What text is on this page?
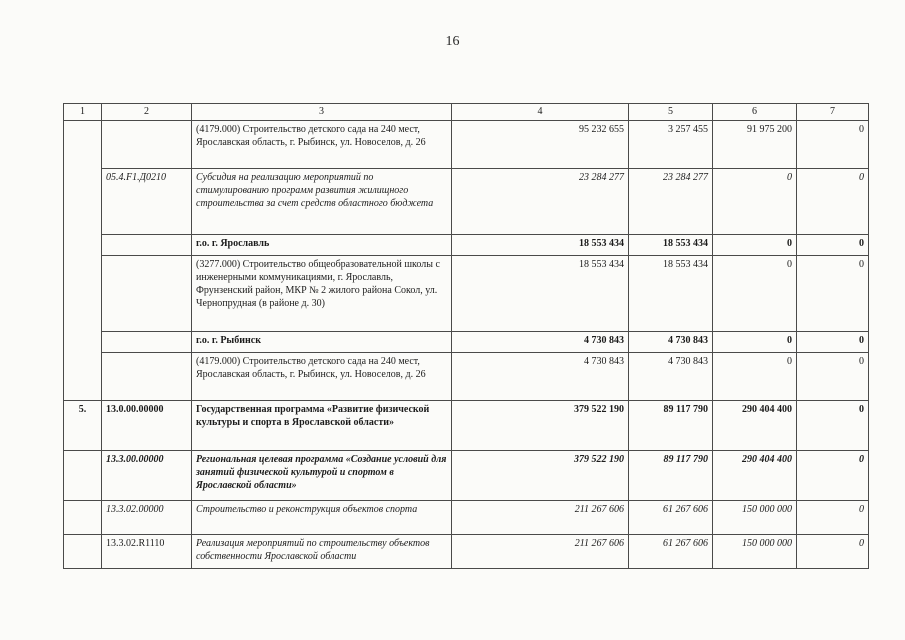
16
1	2	3	4	5	6	7
		(4179.000) Строительство детского сада на 240 мест, Ярославская область, г. Рыбинск, ул. Новоселов, д. 26	95 232 655	3 257 455	91 975 200	0
	05.4.F1.Д0210	Субсидия на реализацию мероприятий по стимулированию программ развития жилищного строительства за счет средств областного бюджета	23 284 277	23 284 277	0	0
		г.о. г. Ярославль	18 553 434	18 553 434	0	0
		(3277.000) Строительство общеобразовательной школы с инженерными коммуникациями, г. Ярославль, Фрунзенский район, МКР № 2 жилого района Сокол, ул. Чернопрудная (в районе д. 30)	18 553 434	18 553 434	0	0
		г.о. г. Рыбинск	4 730 843	4 730 843	0	0
		(4179.000) Строительство детского сада на 240 мест, Ярославская область, г. Рыбинск, ул. Новоселов, д. 26	4 730 843	4 730 843	0	0
5.	13.0.00.00000	Государственная программа «Развитие физической культуры и спорта в Ярославской области»	379 522 190	89 117 790	290 404 400	0
	13.3.00.00000	Региональная целевая программа «Создание условий для занятий физической культурой и спортом в Ярославской области»	379 522 190	89 117 790	290 404 400	0
	13.3.02.00000	Строительство и реконструкция объектов спорта	211 267 606	61 267 606	150 000 000	0
	13.3.02.R1110	Реализация мероприятий по строительству объектов собственности Ярославской области	211 267 606	61 267 606	150 000 000	0
